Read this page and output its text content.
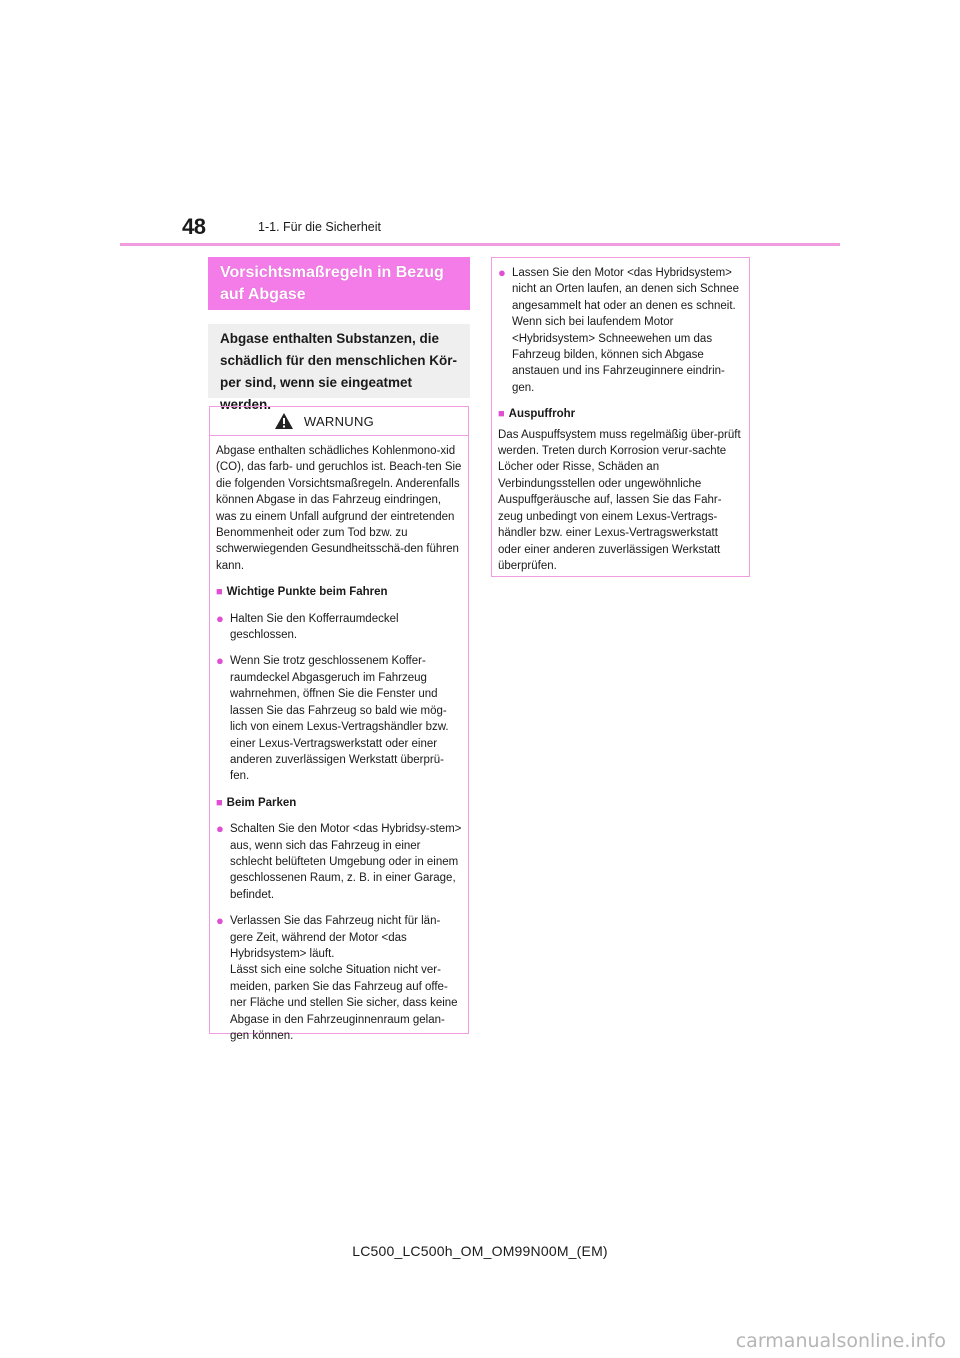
48	1-1. Für die Sicherheit
Vorsichtsmaßregeln in Bezug auf Abgase
Abgase enthalten Substanzen, die schädlich für den menschlichen Kör-per sind, wenn sie eingeatmet werden.
WARNUNG

Abgase enthalten schädliches Kohlenmono-xid (CO), das farb- und geruchlos ist. Beach-ten Sie die folgenden Vorsichtsmaßregeln. Anderenfalls können Abgase in das Fahrzeug eindringen, was zu einem Unfall aufgrund der eintretenden Benommenheit oder zum Tod bzw. zu schwerwiegenden Gesundheitsschä-den führen kann.

■ Wichtige Punkte beim Fahren
● Halten Sie den Kofferraumdeckel geschlossen.
● Wenn Sie trotz geschlossenem Koffer-raumdeckel Abgasgeruch im Fahrzeug wahrnehmen, öffnen Sie die Fenster und lassen Sie das Fahrzeug so bald wie mög-lich von einem Lexus-Vertragshändler bzw. einer Lexus-Vertragswerkstatt oder einer anderen zuverlässigen Werkstatt überprü-fen.
■ Beim Parken
● Schalten Sie den Motor <das Hybridsy-stem> aus, wenn sich das Fahrzeug in einer schlecht belüfteten Umgebung oder in einem geschlossenen Raum, z. B. in einer Garage, befindet.
● Verlassen Sie das Fahrzeug nicht für län-gere Zeit, während der Motor <das Hybridsystem> läuft.
Lässt sich eine solche Situation nicht ver-meiden, parken Sie das Fahrzeug auf offe-ner Fläche und stellen Sie sicher, dass keine Abgase in den Fahrzeuginnenraum gelan-gen können.
● Lassen Sie den Motor <das Hybridsystem> nicht an Orten laufen, an denen sich Schnee angesammelt hat oder an denen es schneit. Wenn sich bei laufendem Motor <Hybridsystem> Schneewehen um das Fahrzeug bilden, können sich Abgase anstauen und ins Fahrzeuginnere eindrin-gen.
■ Auspuffrohr

Das Auspuffsystem muss regelmäßig über-prüft werden. Treten durch Korrosion verur-sachte Löcher oder Risse, Schäden an Verbindungsstellen oder ungewöhnliche Auspuffgeräusche auf, lassen Sie das Fahr-zeug unbedingt von einem Lexus-Vertrags-händler bzw. einer Lexus-Vertragswerkstatt oder einer anderen zuverlässigen Werkstatt überprüfen.

LC500_LC500h_OM_OM99N00M_(EM)
carmanualsonline.info
